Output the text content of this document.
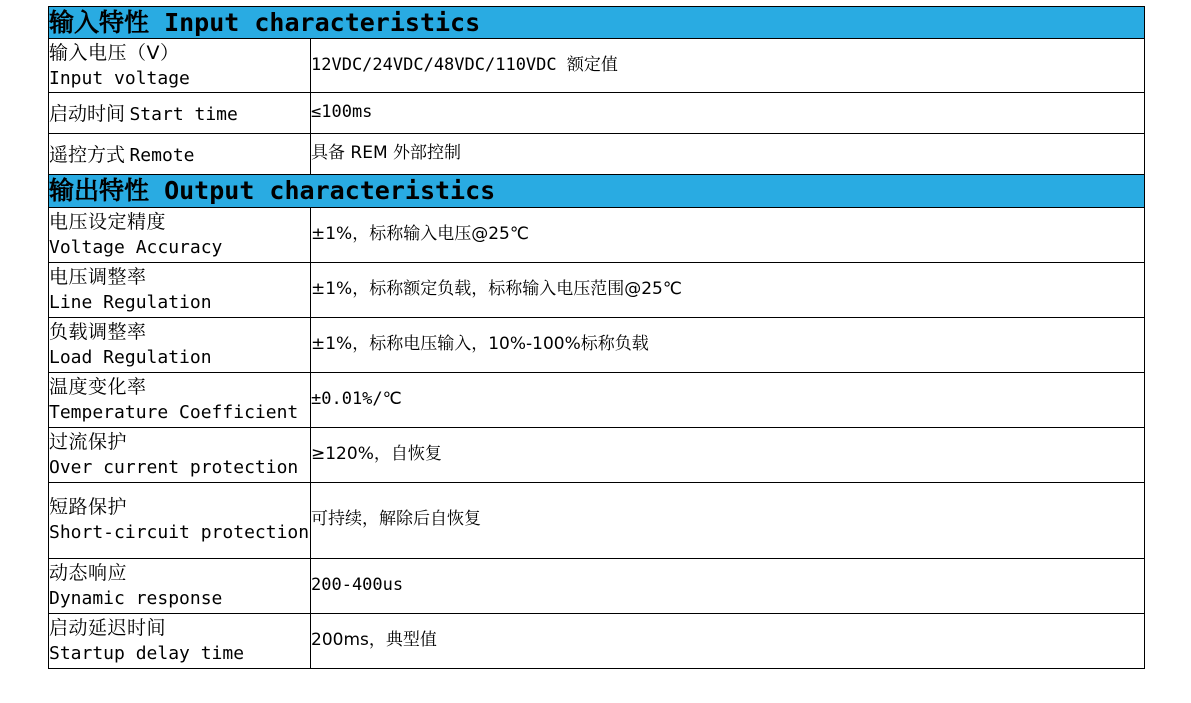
输入特性 Input characteristics	

输入电压（V）
Input voltage	12VDC/24VDC/48VDC/110VDC 额定值
启动时间 Start time	≤100ms
遥控方式 Remote	具备 REM 外部控制
输出特性 Output characteristics	

电压设定精度
Voltage Accuracy	±1%，标称输入电压@25℃

电压调整率
Line Regulation	±1%，标称额定负载，标称输入电压范围@25℃

负载调整率
Load Regulation	±1%，标称电压输入，10%-100%标称负载

温度变化率
Temperature Coefficient	±0.01%/℃

过流保护
Over current protection	≥120%，自恢复

短路保护
Short-circuit protection	可持续，解除后自恢复

动态响应
Dynamic response	200-400us

启动延迟时间
Startup delay time	200ms，典型值
